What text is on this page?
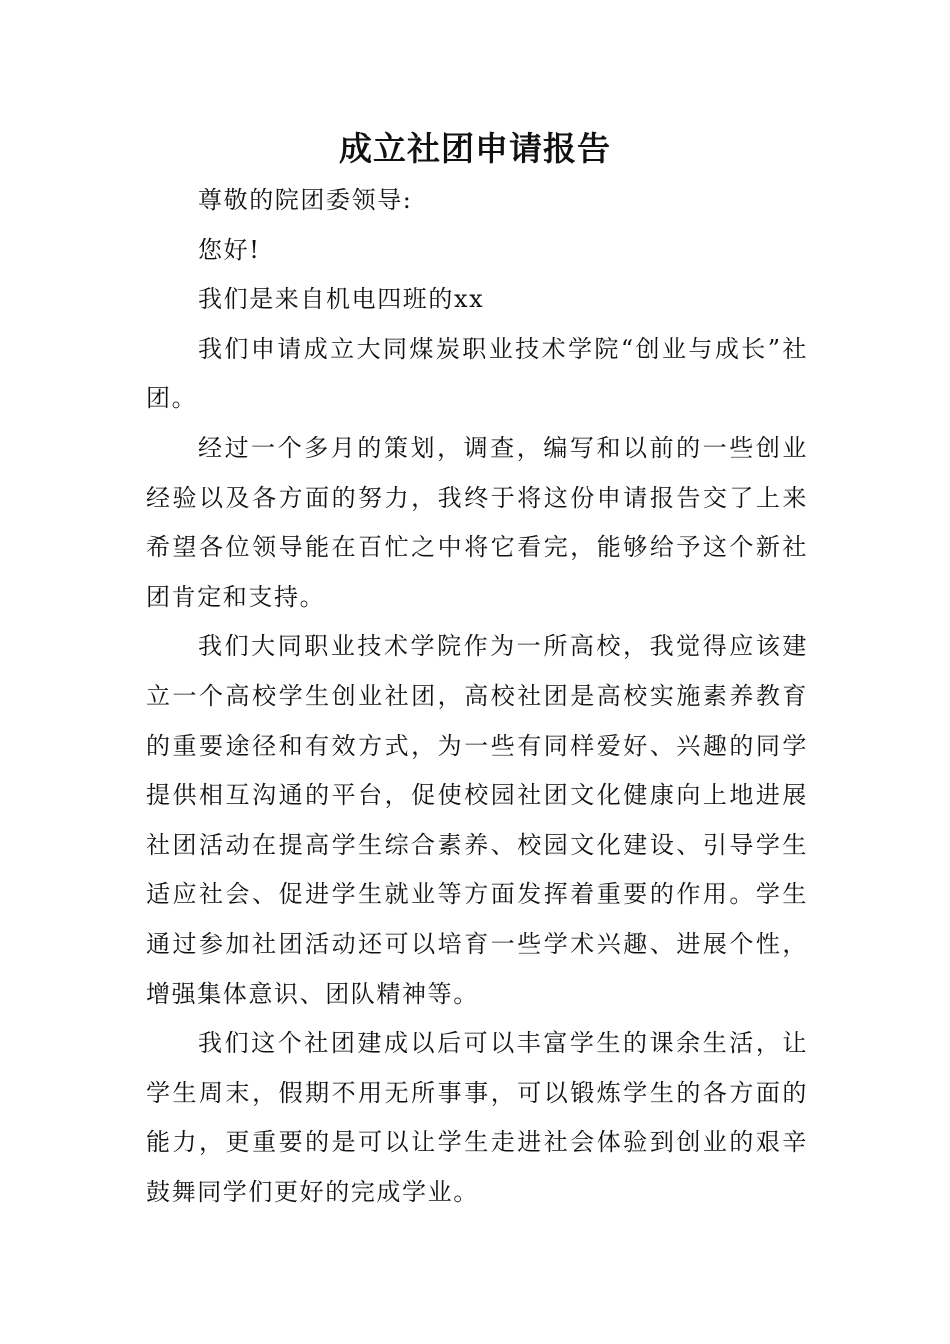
成立社团申请报告

尊敬的院团委领导:

您好!

我们是来自机电四班的xx

我们申请成立大同煤炭职业技术学院“创业与成长”社团。

经过一个多月的策划，调查，编写和以前的一些创业经验以及各方面的努力，我终于将这份申请报告交了上来希望各位领导能在百忙之中将它看完，能够给予这个新社团肯定和支持。

我们大同职业技术学院作为一所高校，我觉得应该建立一个高校学生创业社团，高校社团是高校实施素养教育的重要途径和有效方式，为一些有同样爱好、兴趣的同学提供相互沟通的平台，促使校园社团文化健康向上地进展社团活动在提高学生综合素养、校园文化建设、引导学生适应社会、促进学生就业等方面发挥着重要的作用。学生通过参加社团活动还可以培育一些学术兴趣、进展个性，增强集体意识、团队精神等。

我们这个社团建成以后可以丰富学生的课余生活，让学生周末，假期不用无所事事，可以锻炼学生的各方面的能力，更重要的是可以让学生走进社会体验到创业的艰辛鼓舞同学们更好的完成学业。
